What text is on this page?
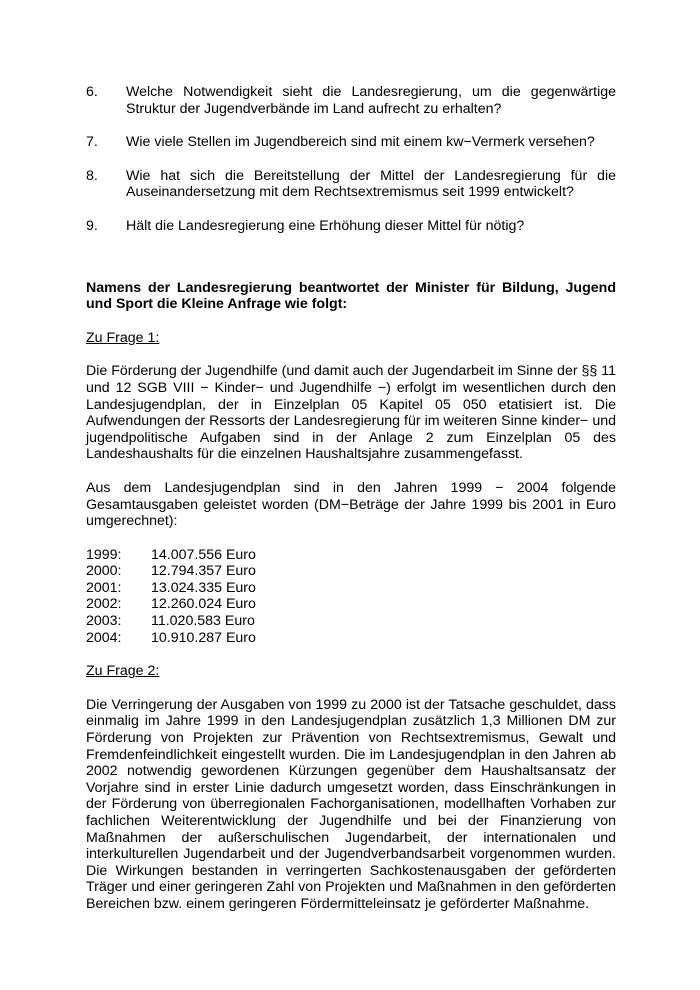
6.	Welche Notwendigkeit sieht die Landesregierung, um die gegenwärtige Struktur der Jugendverbände im Land aufrecht zu erhalten?
7.	Wie viele Stellen im Jugendbereich sind mit einem kw−Vermerk versehen?
8.	Wie hat sich die Bereitstellung der Mittel der Landesregierung für die Auseinandersetzung mit dem Rechtsextremismus seit 1999 entwickelt?
9.	Hält die Landesregierung eine Erhöhung dieser Mittel für nötig?
Namens der Landesregierung beantwortet der Minister für Bildung, Jugend und Sport die Kleine Anfrage wie folgt:
Zu Frage 1:
Die Förderung der Jugendhilfe (und damit auch der Jugendarbeit im Sinne der §§ 11 und 12 SGB VIII − Kinder− und Jugendhilfe −) erfolgt im wesentlichen durch den Landesjugendplan, der in Einzelplan 05 Kapitel 05 050 etatisiert ist. Die Aufwendungen der Ressorts der Landesregierung für im weiteren Sinne kinder− und jugendpolitische Aufgaben sind in der Anlage 2 zum Einzelplan 05 des Landeshaushalts für die einzelnen Haushaltsjahre zusammengefasst.
Aus dem Landesjugendplan sind in den Jahren 1999 − 2004 folgende Gesamtausgaben geleistet worden (DM−Beträge der Jahre 1999 bis 2001 in Euro umgerechnet):
1999:	14.007.556 Euro
2000:	12.794.357 Euro
2001:	13.024.335 Euro
2002:	12.260.024 Euro
2003:	11.020.583 Euro
2004:	10.910.287 Euro
Zu Frage 2:
Die Verringerung der Ausgaben von 1999 zu 2000 ist der Tatsache geschuldet, dass einmalig im Jahre 1999 in den Landesjugendplan zusätzlich 1,3 Millionen DM zur Förderung von Projekten zur Prävention von Rechtsextremismus, Gewalt und Fremdenfeindlichkeit eingestellt wurden. Die im Landesjugendplan in den Jahren ab 2002 notwendig gewordenen Kürzungen gegenüber dem Haushaltsansatz der Vorjahre sind in erster Linie dadurch umgesetzt worden, dass Einschränkungen in der Förderung von überregionalen Fachorganisationen, modellhaften Vorhaben zur fachlichen Weiterentwicklung der Jugendhilfe und bei der Finanzierung von Maßnahmen der außerschulischen Jugendarbeit, der internationalen und interkulturellen Jugendarbeit und der Jugendverbandsarbeit vorgenommen wurden. Die Wirkungen bestanden in verringerten Sachkostenausgaben der geförderten Träger und einer geringeren Zahl von Projekten und Maßnahmen in den geförderten Bereichen bzw. einem geringeren Fördermitteleinsatz je geförderter Maßnahme.
